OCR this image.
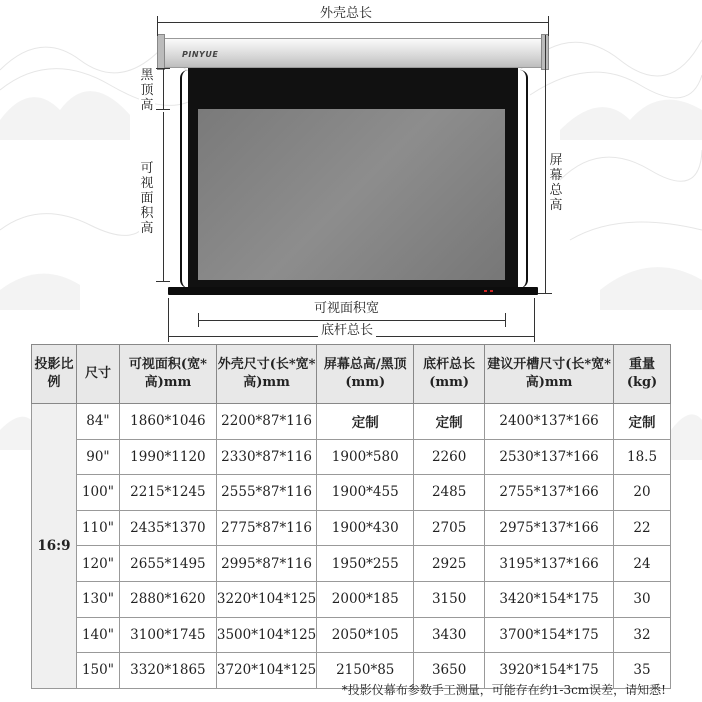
PINYUE
外壳总长
黑顶高
可视面积高
屏幕总高
可视面积宽
底杆总长
投影比例	尺寸	可视面积(宽*高)mm	外壳尺寸(长*宽*高)mm	屏幕总高/黑顶(mm)	底杆总长(mm)	建议开槽尺寸(长*宽*高)mm	重量(kg)
16:9	84"	1860*1046	2200*87*116	定制	定制	2400*137*166	定制
	90"	1990*1120	2330*87*116	1900*580	2260	2530*137*166	18.5
	100"	2215*1245	2555*87*116	1900*455	2485	2755*137*166	20
	110"	2435*1370	2775*87*116	1900*430	2705	2975*137*166	22
	120"	2655*1495	2995*87*116	1950*255	2925	3195*137*166	24
	130"	2880*1620	3220*104*125	2000*185	3150	3420*154*175	30
	140"	3100*1745	3500*104*125	2050*105	3430	3700*154*175	32
	150"	3320*1865	3720*104*125	2150*85	3650	3920*154*175	35
*投影仪幕布参数手工测量，可能存在约1-3cm误差，请知悉!
